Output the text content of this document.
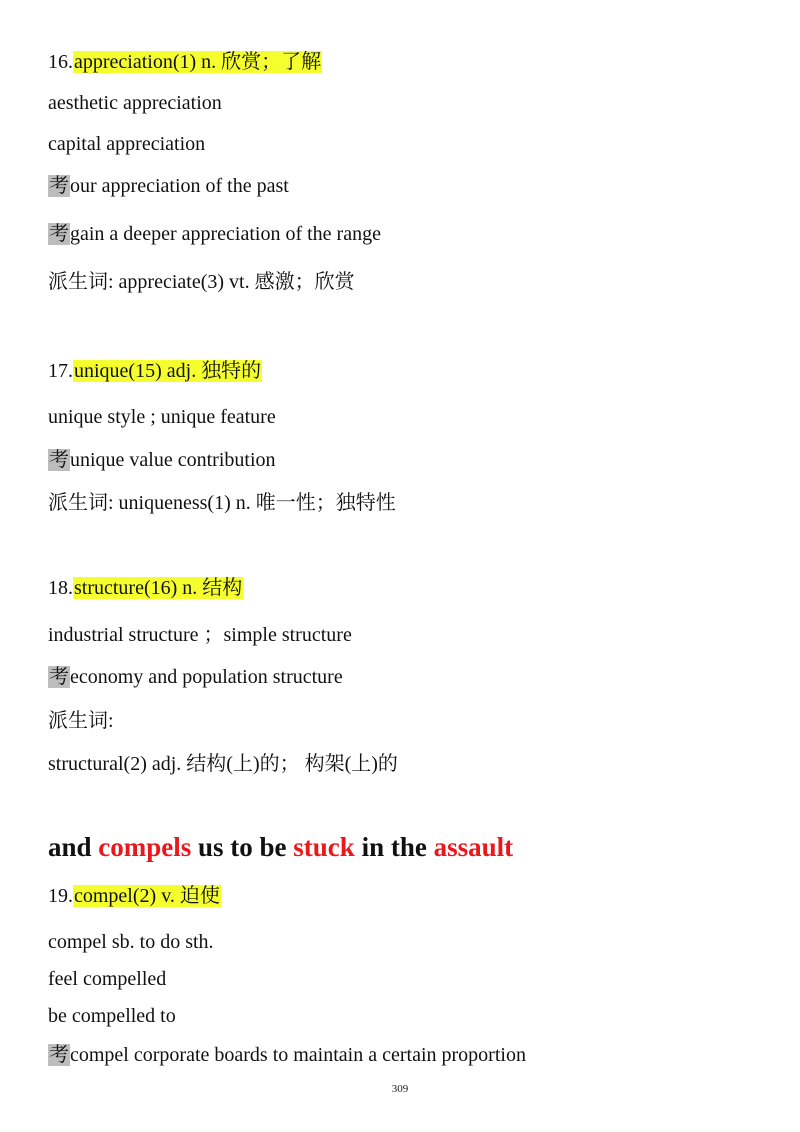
16.appreciation(1) n. 欣赏；了解
aesthetic appreciation
capital appreciation
考our appreciation of the past
考gain a deeper appreciation of the range
派生词: appreciate(3) vt. 感激；欣赏
17.unique(15) adj. 独特的
unique style ; unique feature
考unique value contribution
派生词: uniqueness(1) n. 唯一性；独特性
18.structure(16) n. 结构
industrial structure ；simple structure
考economy and population structure
派生词:
structural(2) adj. 结构(上)的； 构架(上)的
and compels us to be stuck in the assault
19.compel(2) v. 迫使
compel sb. to do sth.
feel compelled
be compelled to
考compel corporate boards to maintain a certain proportion
309
